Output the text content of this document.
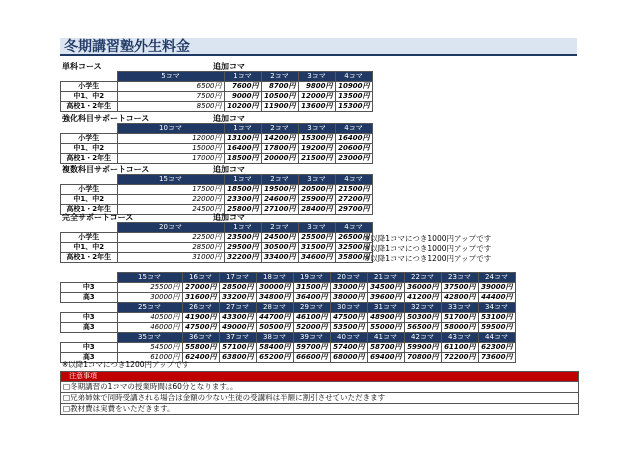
冬期講習塾外生料金
単科コース	追加コマ
	5コマ	1コマ	2コマ	3コマ	4コマ
小学生	6500円	7600円	8700円	9800円	10900円
中1、中2	7500円	9000円	10500円	12000円	13500円
高校1・2年生	8500円	10200円	11900円	13600円	15300円
強化科目サポートコース	追加コマ
	10コマ	1コマ	2コマ	3コマ	4コマ
小学生	12000円	13100円	14200円	15300円	16400円
中1、中2	15000円	16400円	17800円	19200円	20600円
高校1・2年生	17000円	18500円	20000円	21500円	23000円
複数科目サポートコース	追加コマ
	15コマ	1コマ	2コマ	3コマ	4コマ
小学生	17500円	18500円	19500円	20500円	21500円
中1、中2	22000円	23300円	24600円	25900円	27200円
高校1・2年生	24500円	25800円	27100円	28400円	29700円
完全サポートコース	追加コマ
	20コマ	1コマ	2コマ	3コマ	4コマ
小学生	22500円	23500円	24500円	25500円	26500円
中1、中2	28500円	29500円	30500円	31500円	32500円
高校1・2年生	31000円	32200円	33400円	34600円	35800円
※以降1コマにつき1000円アップです
※以降1コマにつき1000円アップです
※以降1コマにつき1200円アップです
	15コマ	16コマ	17コマ	18コマ	19コマ	20コマ	21コマ	22コマ	23コマ	24コマ
中3	25500円	27000円	28500円	30000円	31500円	33000円	34500円	36000円	37500円	39000円
高3	30000円	31600円	33200円	34800円	36400円	38000円	39600円	41200円	42800円	44400円
	25コマ	26コマ	27コマ	28コマ	29コマ	30コマ	31コマ	32コマ	33コマ	34コマ
中3	40500円	41900円	43300円	44700円	46100円	47500円	48900円	50300円	51700円	53100円
高3	46000円	47500円	49000円	50500円	52000円	53500円	55000円	56500円	58000円	59500円
	35コマ	36コマ	37コマ	38コマ	39コマ	40コマ	41コマ	42コマ	43コマ	44コマ
中3	54500円	55800円	57100円	58400円	59700円	57400円	58700円	59900円	61100円	62300円
高3	61000円	62400円	63800円	65200円	66600円	68000円	69400円	70800円	72200円	73600円
※以降1コマにつき1200円アップです
注意事項
□冬期講習の1コマの授業時間は60分となります。。
□兄弟姉妹で同時受講される場合は金額の少ない生徒の受講料は半額に割引させていただきます
□教材費は実費をいただきます。
